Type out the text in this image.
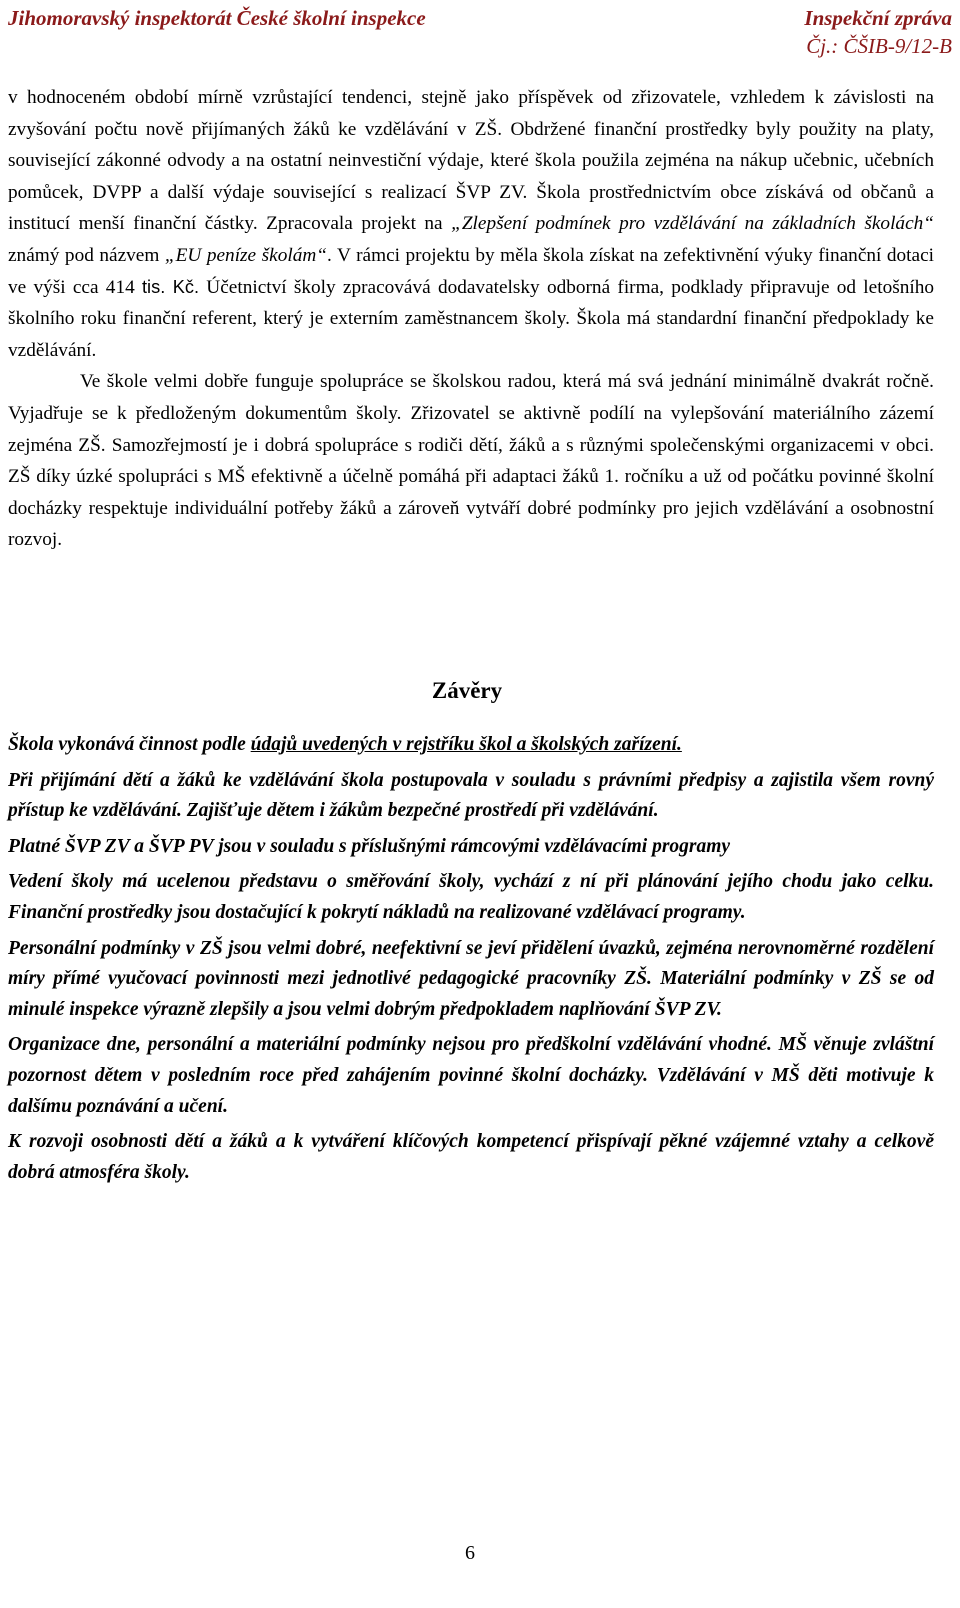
Jihomoravský inspektorát České školní inspekce	Inspekční zpráva
Čj.: ČŠIB-9/12-B

v hodnoceném období mírně vzrůstající tendenci, stejně jako příspěvek od zřizovatele, vzhledem k závislosti na zvyšování počtu nově přijímaných žáků ke vzdělávání v ZŠ. Obdržené finanční prostředky byly použity na platy, související zákonné odvody a na ostatní neinvestiční výdaje, které škola použila zejména na nákup učebnic, učebních pomůcek, DVPP a další výdaje související s realizací ŠVP ZV. Škola prostřednictvím obce získává od občanů a institucí menší finanční částky. Zpracovala projekt na „Zlepšení podmínek pro vzdělávání na základních školách“ známý pod názvem „EU peníze školám“. V rámci projektu by měla škola získat na zefektivnění výuky finanční dotaci ve výši cca 414 tis. Kč. Účetnictví školy zpracovává dodavatelsky odborná firma, podklady připravuje od letošního školního roku finanční referent, který je externím zaměstnancem školy. Škola má standardní finanční předpoklady ke vzdělávání.

Ve škole velmi dobře funguje spolupráce se školskou radou, která má svá jednání minimálně dvakrát ročně. Vyjadřuje se k předloženým dokumentům školy. Zřizovatel se aktivně podílí na vylepšování materiálního zázemí zejména ZŠ. Samozřejmostí je i dobrá spolupráce s rodiči dětí, žáků a s různými společenskými organizacemi v obci. ZŠ díky úzké spolupráci s MŠ efektivně a účelně pomáhá při adaptaci žáků 1. ročníku a už od počátku povinné školní docházky respektuje individuální potřeby žáků a zároveň vytváří dobré podmínky pro jejich vzdělávání a osobnostní rozvoj.

Závěry

Škola vykonává činnost podle údajů uvedených v rejstříku škol a školských zařízení.

Při přijímání dětí a žáků ke vzdělávání škola postupovala v souladu s právními předpisy a zajistila všem rovný přístup ke vzdělávání. Zajišťuje dětem i žákům bezpečné prostředí při vzdělávání.

Platné ŠVP ZV a ŠVP PV jsou v souladu s příslušnými rámcovými vzdělávacími programy

Vedení školy má ucelenou představu o směřování školy, vychází z ní při plánování jejího chodu jako celku. Finanční prostředky jsou dostačující k pokrytí nákladů na realizované vzdělávací programy.

Personální podmínky v ZŠ jsou velmi dobré, neefektivní se jeví přidělení úvazků, zejména nerovnoměrné rozdělení míry přímé vyučovací povinnosti mezi jednotlivé pedagogické pracovníky ZŠ. Materiální podmínky v ZŠ se od minulé inspekce výrazně zlepšily a jsou velmi dobrým předpokladem naplňování ŠVP ZV.

Organizace dne, personální a materiální podmínky nejsou pro předškolní vzdělávání vhodné. MŠ věnuje zvláštní pozornost dětem v posledním roce před zahájením povinné školní docházky. Vzdělávání v MŠ děti motivuje k dalšímu poznávání a učení.

K rozvoji osobnosti dětí a žáků a k vytváření klíčových kompetencí přispívají pěkné vzájemné vztahy a celkově dobrá atmosféra školy.

6
